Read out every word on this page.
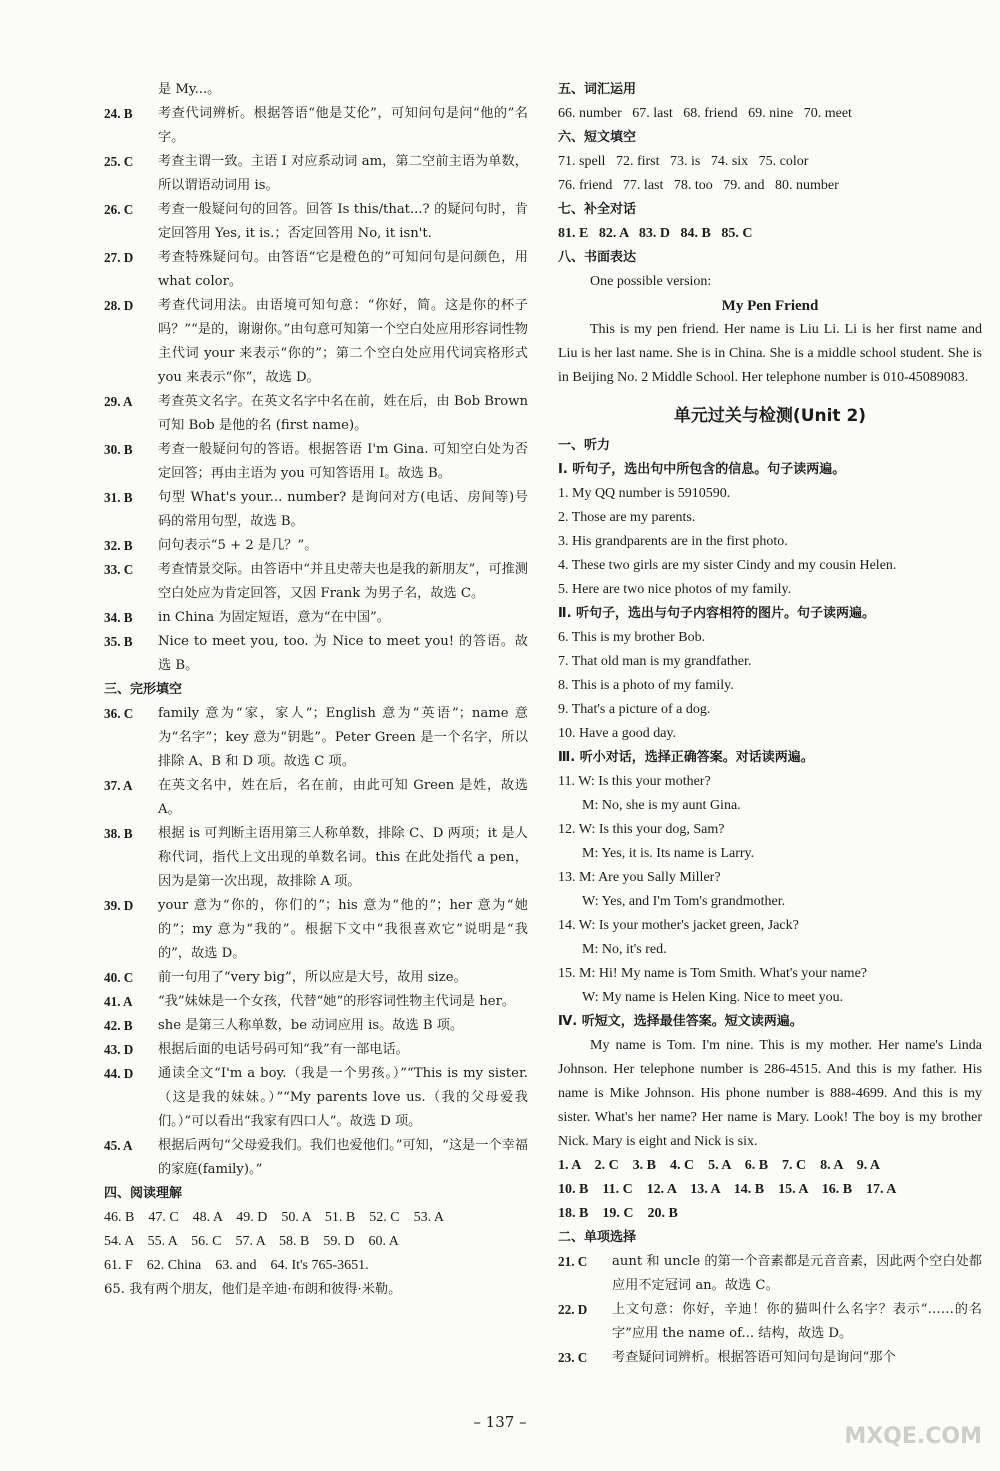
是 My...。
24. B	考查代词辨析。根据答语“他是艾伦”，可知问句是问“他的”名字。
25. C	考查主谓一致。主语 I 对应系动词 am，第二空前主语为单数，所以谓语动词用 is。
26. C	考查一般疑问句的回答。回答 Is this/that...? 的疑问句时，肯定回答用 Yes, it is.；否定回答用 No, it isn't.
27. D	考查特殊疑问句。由答语“它是橙色的”可知问句是问颜色，用 what color。
28. D	考查代词用法。由语境可知句意：“你好，简。这是你的杯子吗？”“是的，谢谢你。”由句意可知第一个空白处应用形容词性物主代词 your 来表示“你的”；第二个空白处应用代词宾格形式 you 来表示“你”，故选 D。
29. A	考查英文名字。在英文名字中名在前，姓在后，由 Bob Brown 可知 Bob 是他的名 (first name)。
30. B	考查一般疑问句的答语。根据答语 I'm Gina. 可知空白处为否定回答；再由主语为 you 可知答语用 I。故选 B。
31. B	句型 What's your... number? 是询问对方(电话、房间等)号码的常用句型，故选 B。
32. B	问句表示“5 + 2 是几？”。
33. C	考查情景交际。由答语中“并且史蒂夫也是我的新朋友”，可推测空白处应为肯定回答，又因 Frank 为男子名，故选 C。
34. B	in China 为固定短语，意为“在中国”。
35. B	Nice to meet you, too. 为 Nice to meet you! 的答语。故选 B。
三、完形填空
36. C	family 意为“家，家人”；English 意为“英语”；name 意为“名字”；key 意为“钥匙”。Peter Green 是一个名字，所以排除 A、B 和 D 项。故选 C 项。
37. A	在英文名中，姓在后，名在前，由此可知 Green 是姓，故选 A。
38. B	根据 is 可判断主语用第三人称单数，排除 C、D 两项；it 是人称代词，指代上文出现的单数名词。this 在此处指代 a pen，因为是第一次出现，故排除 A 项。
39. D	your 意为“你的，你们的”；his 意为“他的”；her 意为“她的”；my 意为“我的”。根据下文中“我很喜欢它”说明是“我的”，故选 D。
40. C	前一句用了“very big”，所以应是大号，故用 size。
41. A	“我”妹妹是一个女孩，代替“她”的形容词性物主代词是 her。
42. B	she 是第三人称单数，be 动词应用 is。故选 B 项。
43. D	根据后面的电话号码可知“我”有一部电话。
44. D	通读全文“I'm a boy.（我是一个男孩。）”“This is my sister.（这是我的妹妹。）”“My parents love us.（我的父母爱我们。）”可以看出“我家有四口人”。故选 D 项。
45. A	根据后两句“父母爱我们。我们也爱他们。”可知，“这是一个幸福的家庭(family)。”
四、阅读理解
46. B    47. C    48. A    49. D    50. A    51. B    52. C    53. A
54. A    55. A    56. C    57. A    58. B    59. D    60. A
61. F    62. China    63. and    64. It's 765-3651.
65. 我有两个朋友，他们是辛迪·布朗和彼得·米勒。
五、词汇运用
66. number   67. last   68. friend   69. nine   70. meet
六、短文填空
71. spell   72. first   73. is   74. six   75. color
76. friend   77. last   78. too   79. and   80. number
七、补全对话
81. E   82. A   83. D   84. B   85. C
八、书面表达
One possible version:
My Pen Friend
This is my pen friend. Her name is Liu Li. Li is her first name and Liu is her last name. She is in China. She is a middle school student. She is in Beijing No. 2 Middle School. Her telephone number is 010-45089083.
单元过关与检测(Unit 2)
一、听力
Ⅰ. 听句子，选出句中所包含的信息。句子读两遍。
1. My QQ number is 5910590.
2. Those are my parents.
3. His grandparents are in the first photo.
4. These two girls are my sister Cindy and my cousin Helen.
5. Here are two nice photos of my family.
Ⅱ. 听句子，选出与句子内容相符的图片。句子读两遍。
6. This is my brother Bob.
7. That old man is my grandfather.
8. This is a photo of my family.
9. That's a picture of a dog.
10. Have a good day.
Ⅲ. 听小对话，选择正确答案。对话读两遍。
11. W: Is this your mother?
M: No, she is my aunt Gina.
12. W: Is this your dog, Sam?
M: Yes, it is. Its name is Larry.
13. M: Are you Sally Miller?
W: Yes, and I'm Tom's grandmother.
14. W: Is your mother's jacket green, Jack?
M: No, it's red.
15. M: Hi! My name is Tom Smith. What's your name?
W: My name is Helen King. Nice to meet you.
Ⅳ. 听短文，选择最佳答案。短文读两遍。
My name is Tom. I'm nine. This is my mother. Her name's Linda Johnson. Her telephone number is 286-4515. And this is my father. His name is Mike Johnson. His phone number is 888-4699. And this is my sister. What's her name? Her name is Mary. Look! The boy is my brother Nick. Mary is eight and Nick is six.
1. A    2. C    3. B    4. C    5. A    6. B    7. C    8. A    9. A
10. B    11. C    12. A    13. A    14. B    15. A    16. B    17. A
18. B    19. C    20. B
二、单项选择
21. C	aunt 和 uncle 的第一个音素都是元音音素，因此两个空白处都应用不定冠词 an。故选 C。
22. D	上文句意：你好，辛迪！你的猫叫什么名字？表示“……的名字”应用 the name of... 结构，故选 D。
23. C	考查疑问词辨析。根据答语可知问句是询问“那个
– 137 –
MXQE.COM
